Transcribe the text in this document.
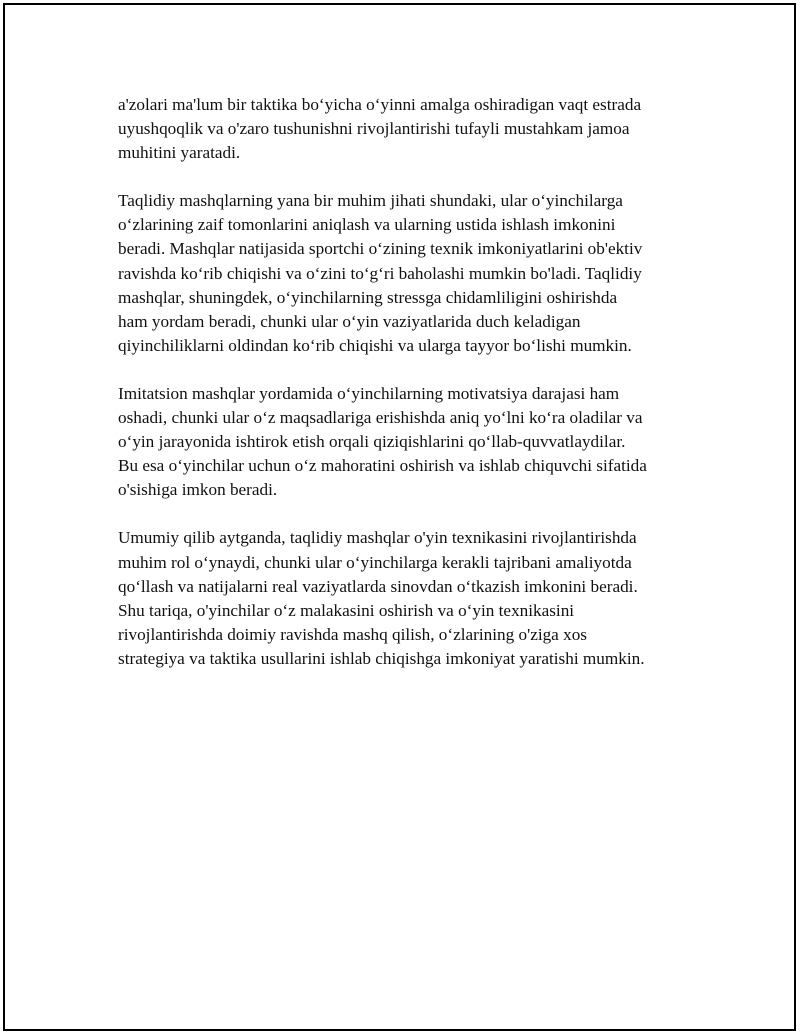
a'zolari ma'lum bir taktika bo‘yicha o‘yinni amalga oshiradigan vaqt estrada
uyushqoqlik va o'zaro tushunishni rivojlantirishi tufayli mustahkam jamoa
muhitini yaratadi.

Taqlidiy mashqlarning yana bir muhim jihati shundaki, ular o‘yinchilarga
o‘zlarining zaif tomonlarini aniqlash va ularning ustida ishlash imkonini
beradi. Mashqlar natijasida sportchi o‘zining texnik imkoniyatlarini ob'ektiv
ravishda ko‘rib chiqishi va o‘zini to‘g‘ri baholashi mumkin bo'ladi. Taqlidiy
mashqlar, shuningdek, o‘yinchilarning stressga chidamliligini oshirishda
ham yordam beradi, chunki ular o‘yin vaziyatlarida duch keladigan
qiyinchiliklarni oldindan ko‘rib chiqishi va ularga tayyor bo‘lishi mumkin.

Imitatsion mashqlar yordamida o‘yinchilarning motivatsiya darajasi ham
oshadi, chunki ular o‘z maqsadlariga erishishda aniq yo‘lni ko‘ra oladilar va
o‘yin jarayonida ishtirok etish orqali qiziqishlarini qo‘llab-quvvatlaydilar.
Bu esa o‘yinchilar uchun o‘z mahoratini oshirish va ishlab chiquvchi sifatida
o'sishiga imkon beradi.

Umumiy qilib aytganda, taqlidiy mashqlar o'yin texnikasini rivojlantirishda
muhim rol o‘ynaydi, chunki ular o‘yinchilarga kerakli tajribani amaliyotda
qo‘llash va natijalarni real vaziyatlarda sinovdan o‘tkazish imkonini beradi.
Shu tariqa, o'yinchilar o‘z malakasini oshirish va o‘yin texnikasini
rivojlantirishda doimiy ravishda mashq qilish, o‘zlarining o'ziga xos
strategiya va taktika usullarini ishlab chiqishga imkoniyat yaratishi mumkin.
